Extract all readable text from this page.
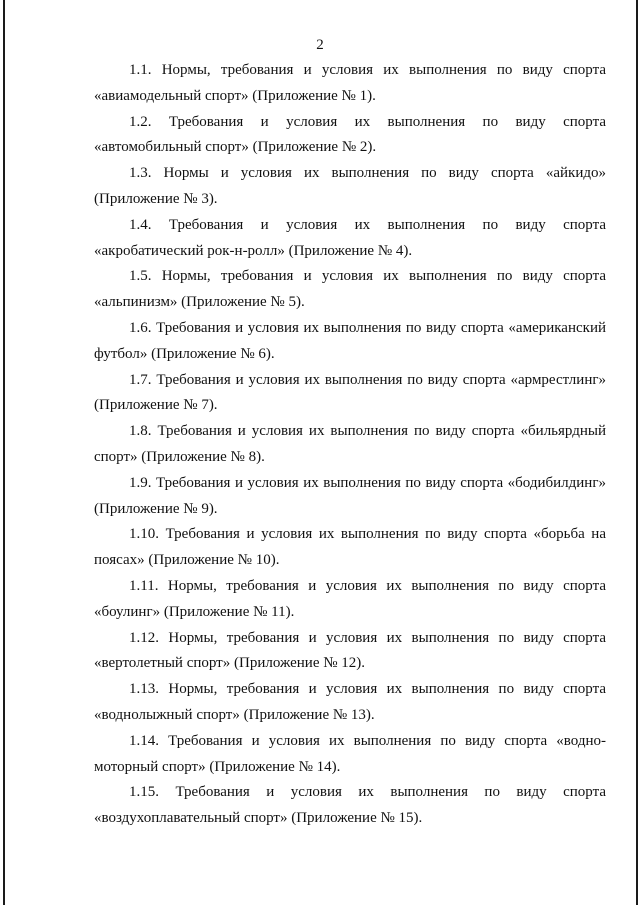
2

1.1. Нормы, требования и условия их выполнения по виду спорта «авиамодельный спорт» (Приложение № 1).

1.2. Требования и условия их выполнения по виду спорта «автомобильный спорт» (Приложение № 2).

1.3. Нормы и условия их выполнения по виду спорта «айкидо» (Приложение № 3).

1.4. Требования и условия их выполнения по виду спорта «акробатический рок-н-ролл» (Приложение № 4).

1.5. Нормы, требования и условия их выполнения по виду спорта «альпинизм» (Приложение № 5).

1.6. Требования и условия их выполнения по виду спорта «американский футбол» (Приложение № 6).

1.7. Требования и условия их выполнения по виду спорта «армрестлинг» (Приложение № 7).

1.8. Требования и условия их выполнения по виду спорта «бильярдный спорт» (Приложение № 8).

1.9. Требования и условия их выполнения по виду спорта «бодибилдинг» (Приложение № 9).

1.10. Требования и условия их выполнения по виду спорта «борьба на поясах» (Приложение № 10).

1.11. Нормы, требования и условия их выполнения по виду спорта «боулинг» (Приложение № 11).

1.12. Нормы, требования и условия их выполнения по виду спорта «вертолетный спорт» (Приложение № 12).

1.13. Нормы, требования и условия их выполнения по виду спорта «воднолыжный спорт» (Приложение № 13).

1.14. Требования и условия их выполнения по виду спорта «водно-моторный спорт» (Приложение № 14).

1.15. Требования и условия их выполнения по виду спорта «воздухоплавательный спорт» (Приложение № 15).
